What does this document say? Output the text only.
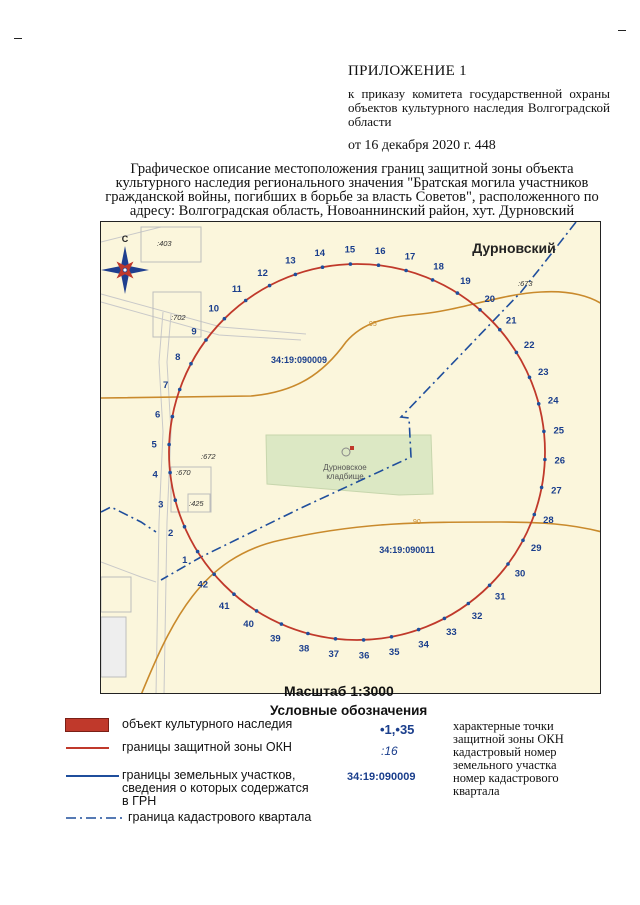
ПРИЛОЖЕНИЕ 1
к приказу комитета государственной охраны объектов культурного наследия Волгоградской области
от 16 декабря 2020 г. 448
Графическое описание местоположения границ защитной зоны объекта культурного наследия регионального значения "Братская могила участников гражданской войны, погибших в борьбе за власть Советов", расположенного по адресу: Волгоградская область, Новоаннинский район, хут. Дурновский
Дурновское
кладбище
Дурновский
34:19:090009
34:19:090011
:403
:702
:672
:670
:425
:673
95
90
С
1
2
3
4
5
6
7
8
9
10
11
12
13
14 15 16
17
18
19
20
21
22
23
24
25
26
27
28
29
30
31
32
33
34
35
36
37
38
39
40
41
42
Масштаб 1:3000
Условные обозначения
объект культурного наследия
границы защитной зоны ОКН
границы земельных участков, сведения о которых содержатся в ГРН
граница кадастрового квартала
•1,•35
:16
34:19:090009
характерные точки защитной зоны ОКН
кадастровый номер земельного участка
номер кадастрового квартала
